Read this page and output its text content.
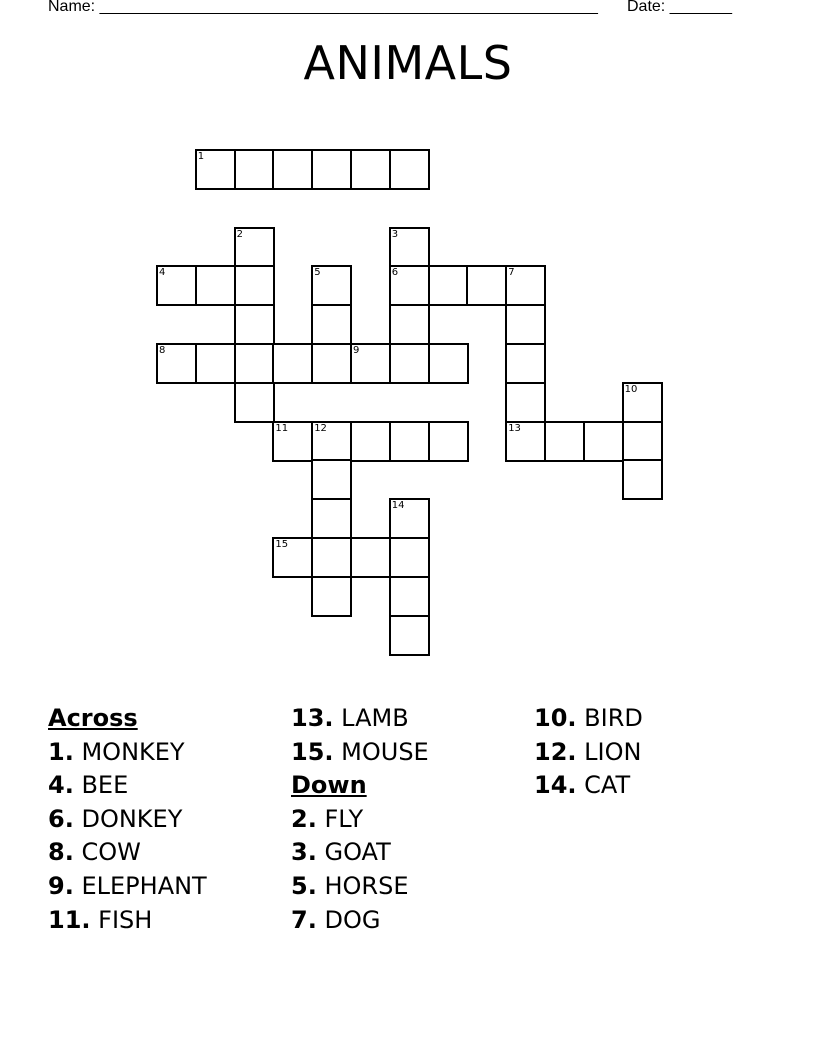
Name: ________________________________________________________ Date: _______
ANIMALS
1
2	3
4	5	6	7
8	9
10
11	12	13
14
15
Across
1. MONKEY
4. BEE
6. DONKEY
8. COW
9. ELEPHANT
11. FISH
13. LAMB
15. MOUSE
Down
2. FLY
3. GOAT
5. HORSE
7. DOG
10. BIRD
12. LION
14. CAT
